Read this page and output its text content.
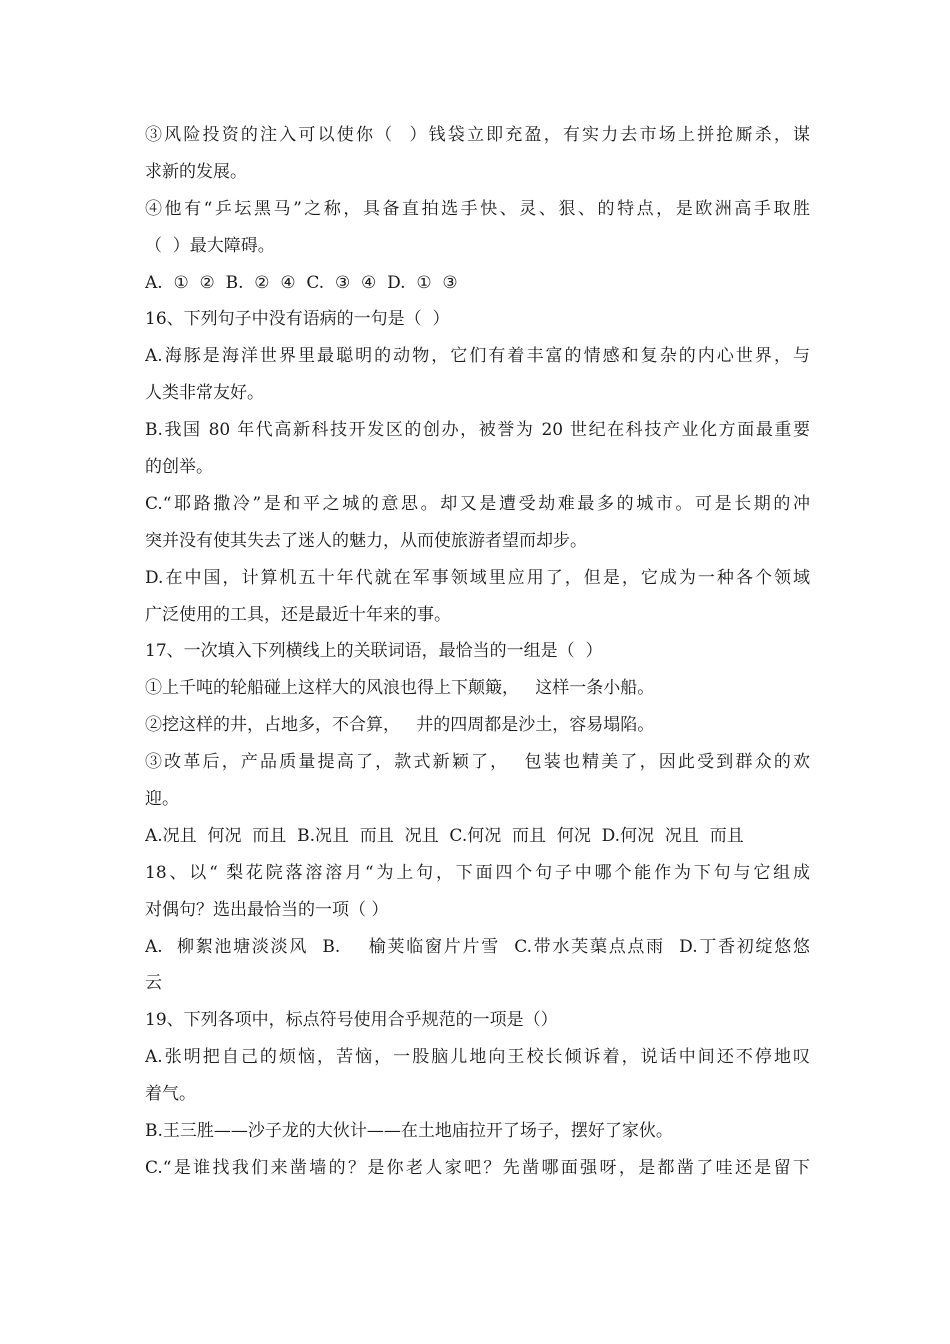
③风险投资的注入可以使你（  ）钱袋立即充盈，有实力去市场上拼抢厮杀，谋
求新的发展。
④他有“乒坛黑马”之称，具备直拍选手快、灵、狠、的特点，是欧洲高手取胜
（  ）最大障碍。
A.  ①  ②  B.  ②  ④  C.  ③  ④  D.  ①  ③
16、下列句子中没有语病的一句是（  ）
A.海豚是海洋世界里最聪明的动物，它们有着丰富的情感和复杂的内心世界，与
人类非常友好。
B.我国 80 年代高新科技开发区的创办，被誉为 20 世纪在科技产业化方面最重要
的创举。
C.“耶路撒冷”是和平之城的意思。却又是遭受劫难最多的城市。可是长期的冲
突并没有使其失去了迷人的魅力，从而使旅游者望而却步。
D.在中国，计算机五十年代就在军事领域里应用了，但是，它成为一种各个领域
广泛使用的工具，还是最近十年来的事。
17、一次填入下列横线上的关联词语，最恰当的一组是（  ）
①上千吨的轮船碰上这样大的风浪也得上下颠簸，   这样一条小船。
②挖这样的井，占地多，不合算，   井的四周都是沙土，容易塌陷。
③改革后，产品质量提高了，款式新颖了，  包装也精美了，因此受到群众的欢
迎。
A.况且  何况  而且  B.况且  而且  况且  C.何况  而且  何况  D.何况  况且  而且
18、以“ 梨花院落溶溶月“为上句，下面四个句子中哪个能作为下句与它组成
对偶句？选出最恰当的一项（ ）
A.  柳絮池塘淡淡风  B.    榆荚临窗片片雪  C.带水芙蕖点点雨  D.丁香初绽悠悠
云
19、下列各项中，标点符号使用合乎规范的一项是（）
A.张明把自己的烦恼，苦恼，一股脑儿地向王校长倾诉着，说话中间还不停地叹
着气。
B.王三胜——沙子龙的大伙计——在土地庙拉开了场子，摆好了家伙。
C.“是谁找我们来凿墙的？是你老人家吧？先凿哪面强呀，是都凿了哇还是留下
